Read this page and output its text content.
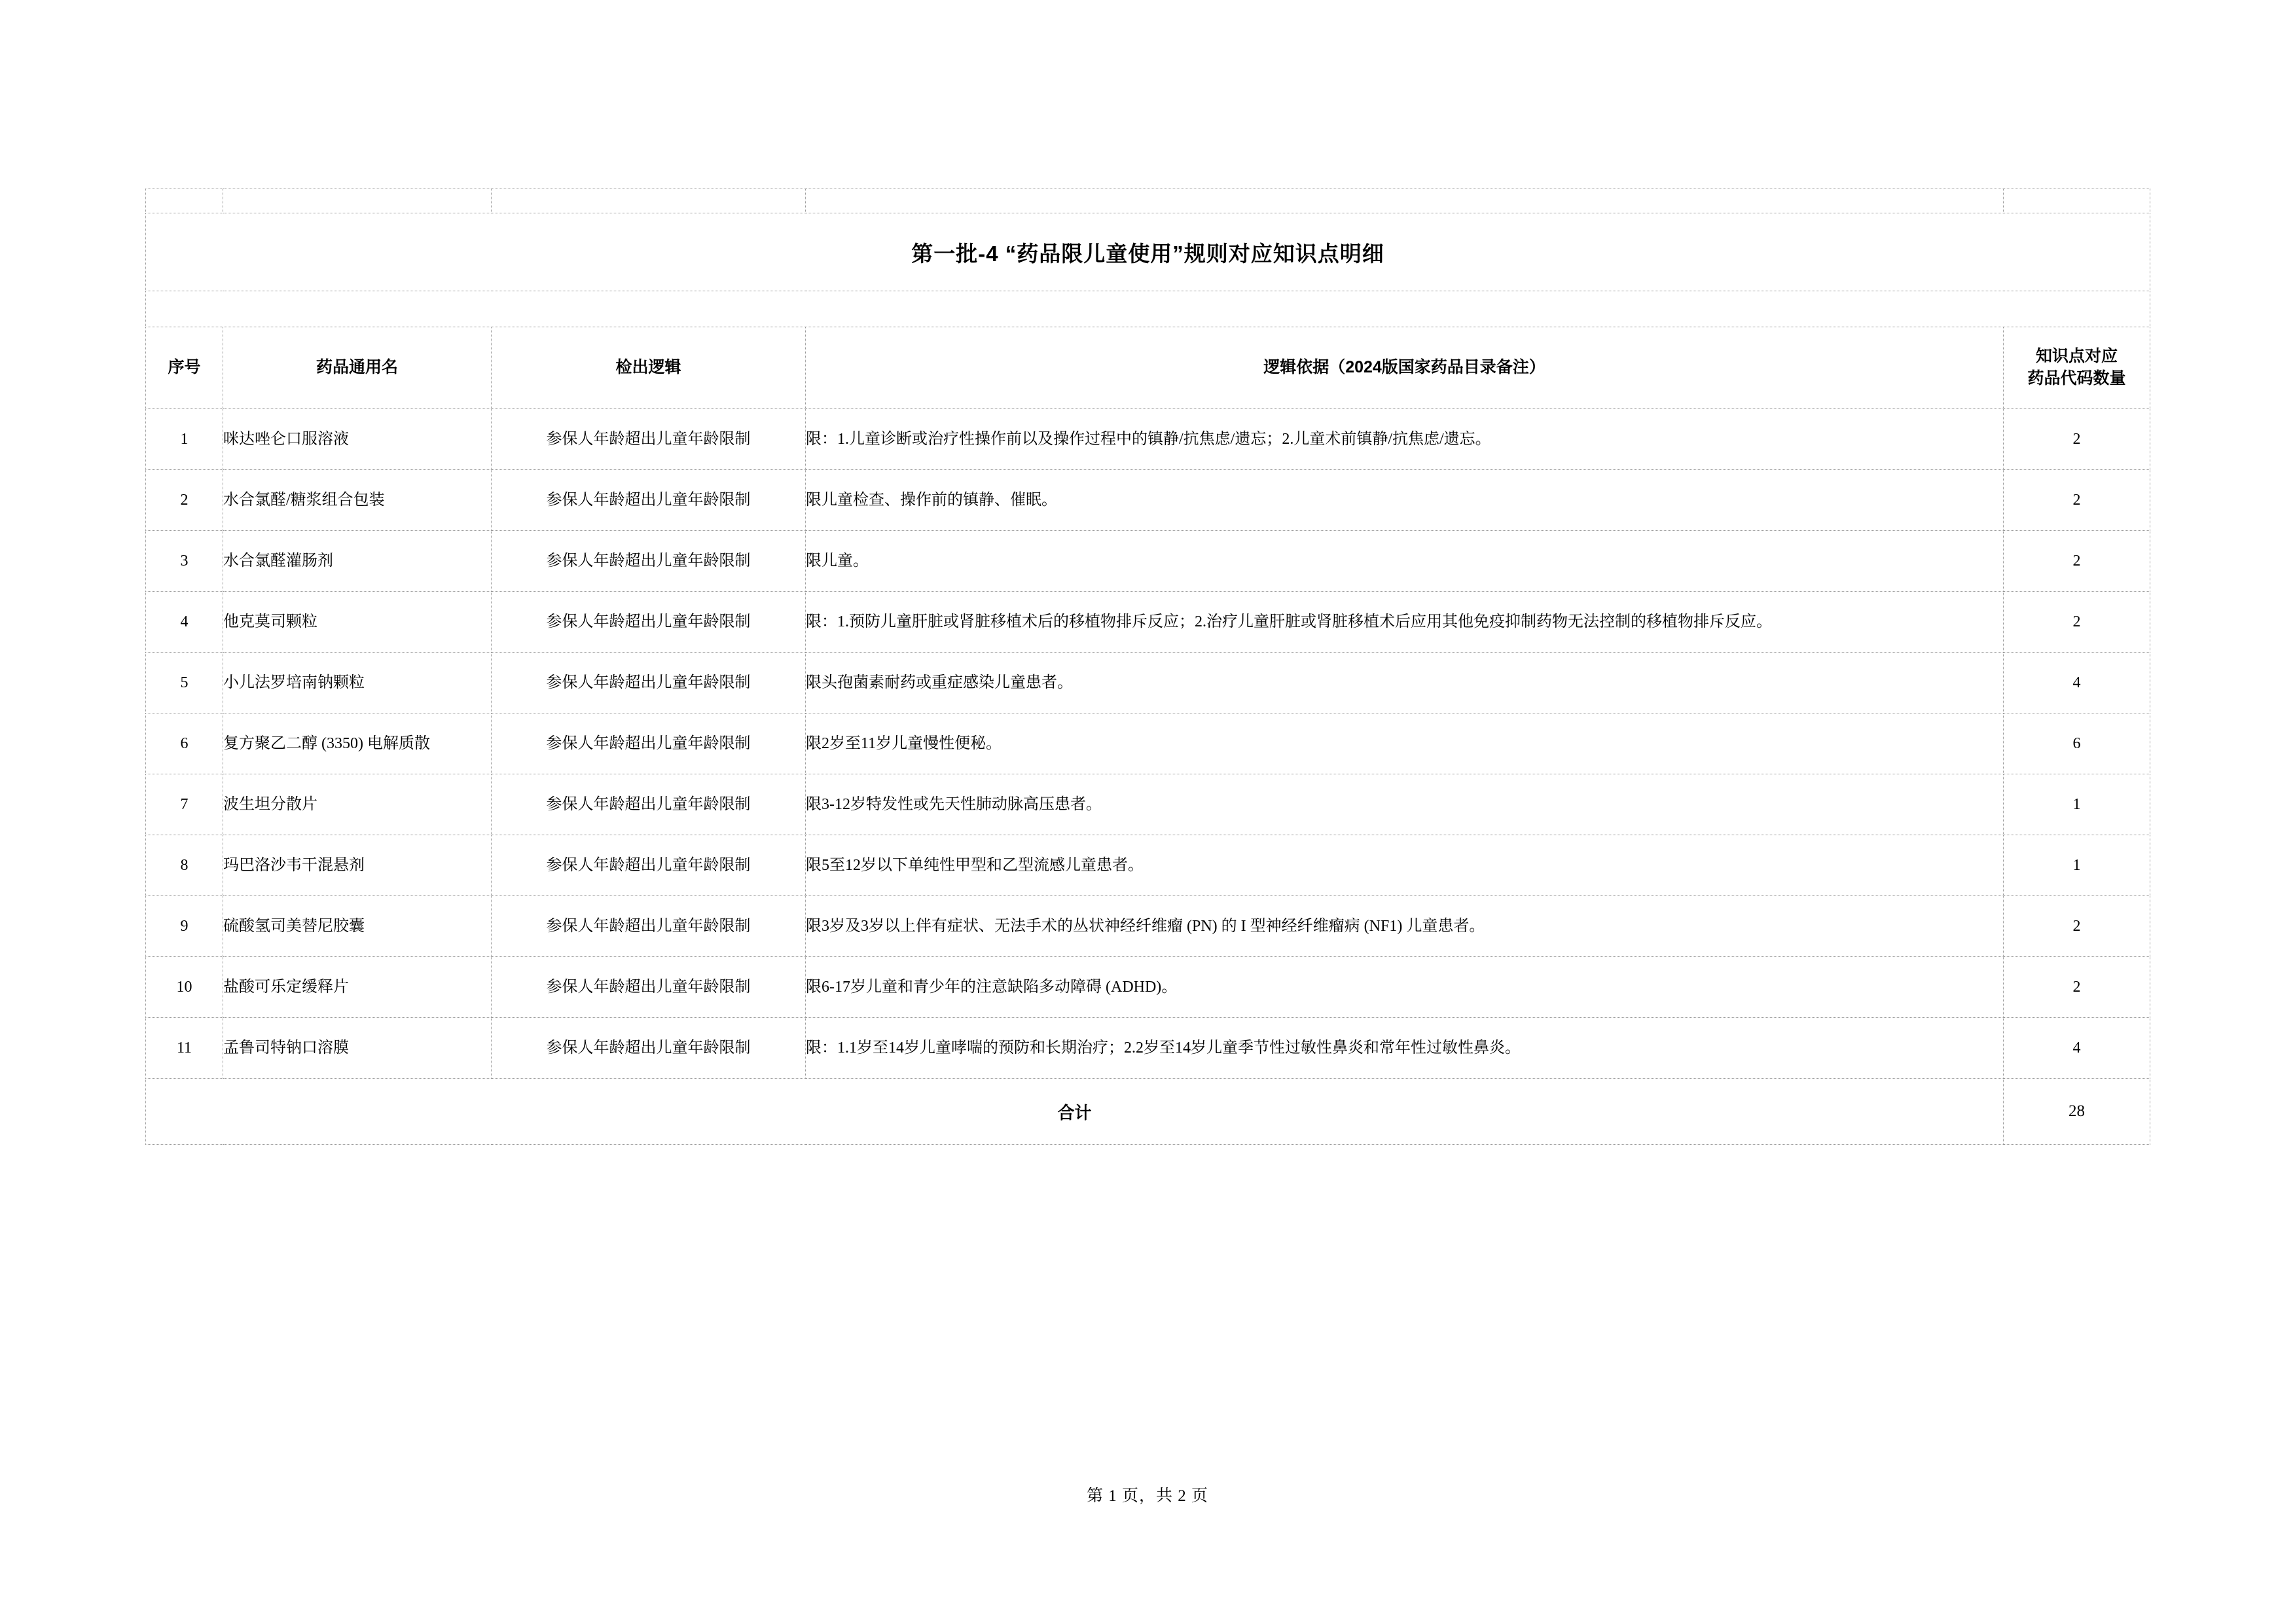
第一批-4 “药品限儿童使用”规则对应知识点明细				

序号	药品通用名	检出逻辑	逻辑依据（2024版国家药品目录备注）	知识点对应
药品代码数量

1	咪达唑仑口服溶液	参保人年龄超出儿童年龄限制	限：1.儿童诊断或治疗性操作前以及操作过程中的镇静/抗焦虑/遗忘；2.儿童术前镇静/抗焦虑/遗忘。	2
2	水合氯醛/糖浆组合包装	参保人年龄超出儿童年龄限制	限儿童检查、操作前的镇静、催眠。	2
3	水合氯醛灌肠剂	参保人年龄超出儿童年龄限制	限儿童。	2
4	他克莫司颗粒	参保人年龄超出儿童年龄限制	限：1.预防儿童肝脏或肾脏移植术后的移植物排斥反应；2.治疗儿童肝脏或肾脏移植术后应用其他免疫抑制药物无法控制的移植物排斥反应。	2
5	小儿法罗培南钠颗粒	参保人年龄超出儿童年龄限制	限头孢菌素耐药或重症感染儿童患者。	4
6	复方聚乙二醇 (3350) 电解质散	参保人年龄超出儿童年龄限制	限2岁至11岁儿童慢性便秘。	6
7	波生坦分散片	参保人年龄超出儿童年龄限制	限3-12岁特发性或先天性肺动脉高压患者。	1
8	玛巴洛沙韦干混悬剂	参保人年龄超出儿童年龄限制	限5至12岁以下单纯性甲型和乙型流感儿童患者。	1
9	硫酸氢司美替尼胶囊	参保人年龄超出儿童年龄限制	限3岁及3岁以上伴有症状、无法手术的丛状神经纤维瘤 (PN) 的 I 型神经纤维瘤病 (NF1) 儿童患者。	2
10	盐酸可乐定缓释片	参保人年龄超出儿童年龄限制	限6-17岁儿童和青少年的注意缺陷多动障碍 (ADHD)。	2
11	孟鲁司特钠口溶膜	参保人年龄超出儿童年龄限制	限：1.1岁至14岁儿童哮喘的预防和长期治疗；2.2岁至14岁儿童季节性过敏性鼻炎和常年性过敏性鼻炎。	4
合计				28
第 1 页，共 2 页
